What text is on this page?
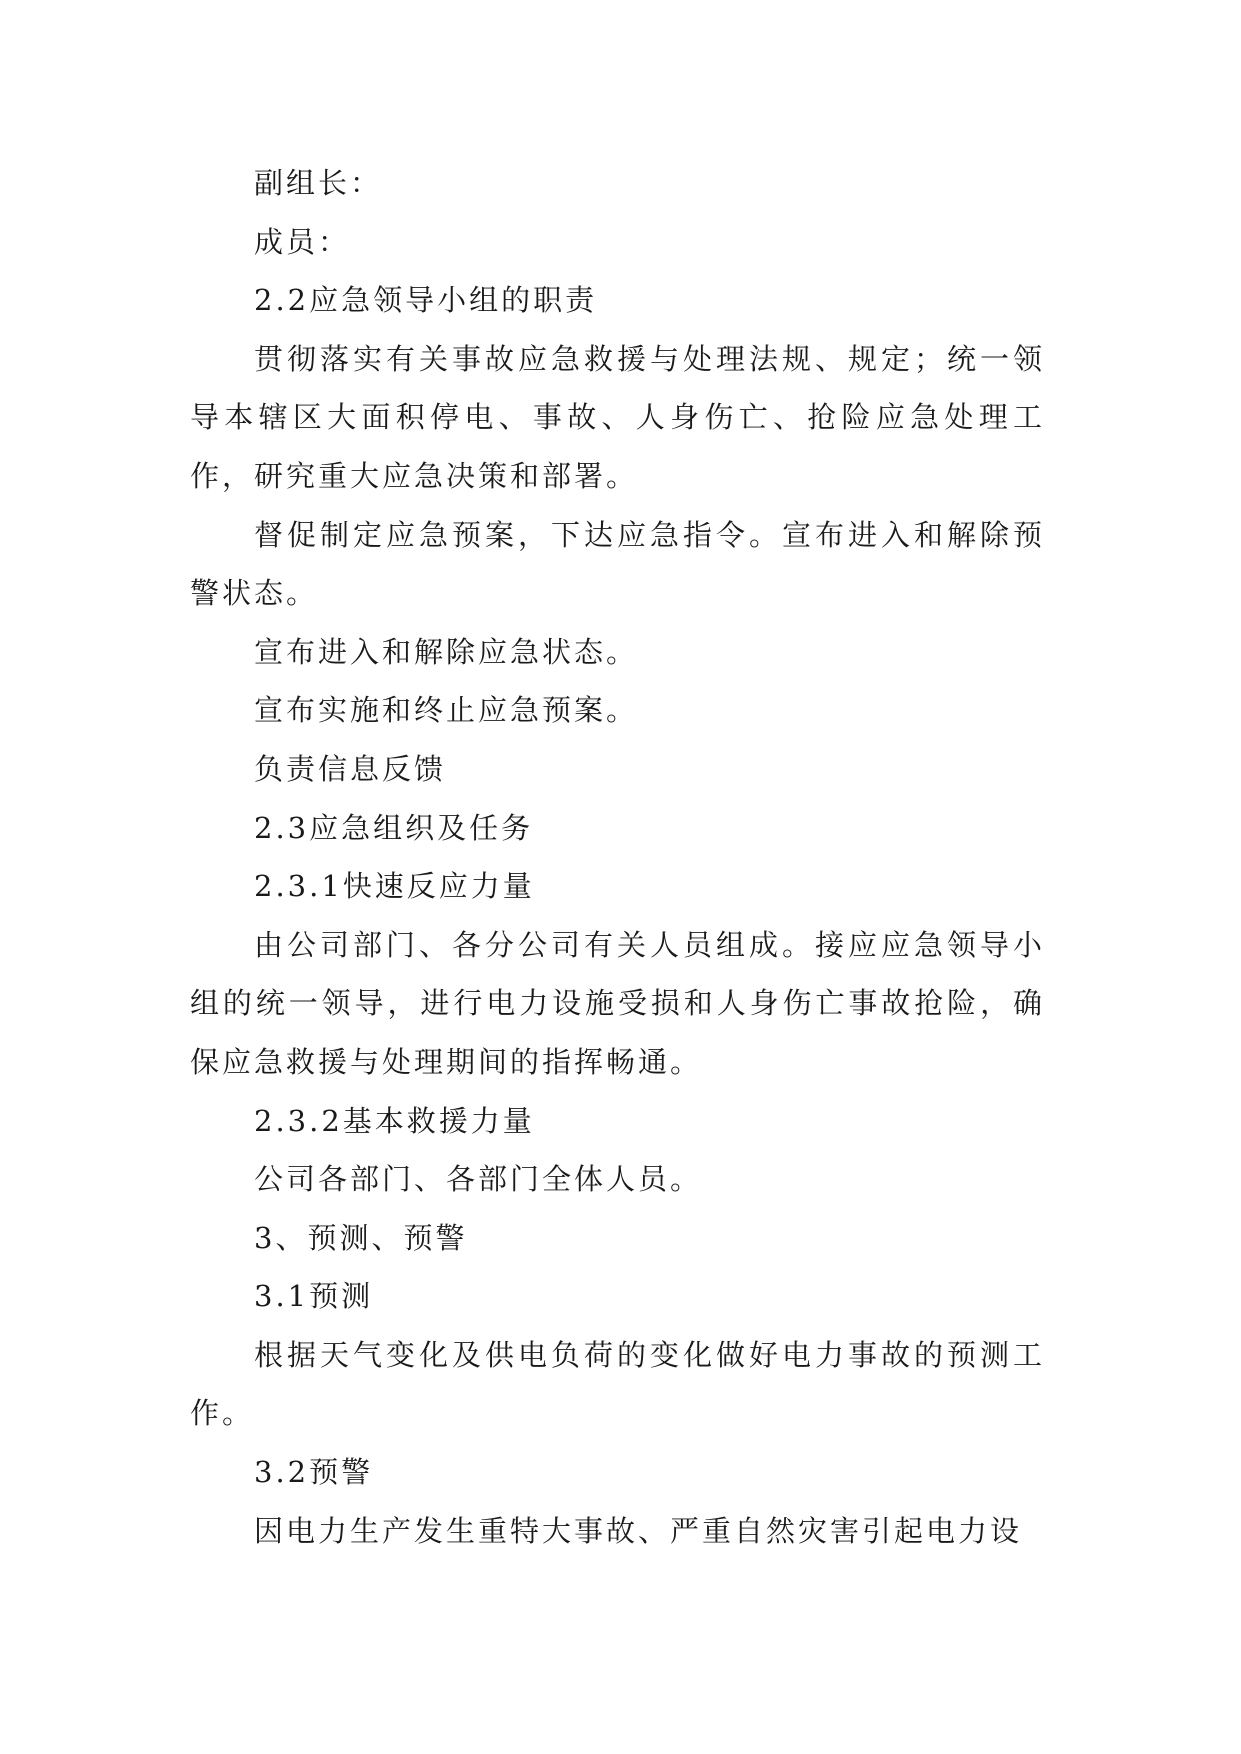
副组长：

成员：

2.2应急领导小组的职责

贯彻落实有关事故应急救援与处理法规、规定；统一领导本辖区大面积停电、事故、人身伤亡、抢险应急处理工作，研究重大应急决策和部署。

督促制定应急预案，下达应急指令。宣布进入和解除预警状态。

宣布进入和解除应急状态。

宣布实施和终止应急预案。

负责信息反馈

2.3应急组织及任务

2.3.1快速反应力量

由公司部门、各分公司有关人员组成。接应应急领导小组的统一领导，进行电力设施受损和人身伤亡事故抢险，确保应急救援与处理期间的指挥畅通。

2.3.2基本救援力量

公司各部门、各部门全体人员。

3、预测、预警

3.1预测

根据天气变化及供电负荷的变化做好电力事故的预测工作。

3.2预警

因电力生产发生重特大事故、严重自然灾害引起电力设
